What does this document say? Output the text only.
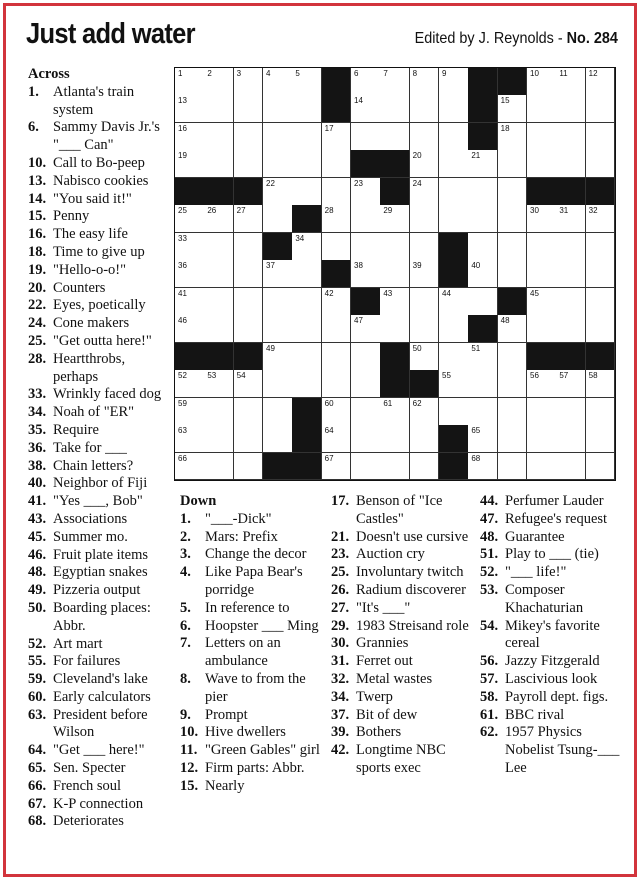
Just add water	Edited by J. Reynolds - No. 284
1	2	3	4	5	6	7	8	9	10	11	12
13	14	15
16	17	18
19	20	21
22	23	24
25	26	27	28	29	30	31	32
33	34
36	37	38	39	40
41	42	43	44	45
46	47	48
49	50	51
52	53	54	55	56	57	58
59	60	61	62
63	64	65
66	67	68
Across
1. Atlanta's train system
6. Sammy Davis Jr.'s "___ Can"
10. Call to Bo-peep
13. Nabisco cookies
14. "You said it!"
15. Penny
16. The easy life
18. Time to give up
19. "Hello-o-o!"
20. Counters
22. Eyes, poetically
24. Cone makers
25. "Get outta here!"
28. Heartthrobs, perhaps
33. Wrinkly faced dog
34. Noah of "ER"
35. Require
36. Take for ___
38. Chain letters?
40. Neighbor of Fiji
41. "Yes ___, Bob"
43. Associations
45. Summer mo.
46. Fruit plate items
48. Egyptian snakes
49. Pizzeria output
50. Boarding places: Abbr.
52. Art mart
55. For failures
59. Cleveland's lake
60. Early calculators
63. President before Wilson
64. "Get ___ here!"
65. Sen. Specter
66. French soul
67. K-P connection
68. Deteriorates
Down
1. "___-Dick"
2. Mars: Prefix
3. Change the decor
4. Like Papa Bear's porridge
5. In reference to
6. Hoopster ___ Ming
7. Letters on an ambulance
8. Wave to from the pier
9. Prompt
10. Hive dwellers
11. "Green Gables" girl
12. Firm parts: Abbr.
15. Nearly
17. Benson of "Ice Castles"
21. Doesn't use cursive
23. Auction cry
25. Involuntary twitch
26. Radium discoverer
27. "It's ___"
29. 1983 Streisand role
30. Grannies
31. Ferret out
32. Metal wastes
34. Twerp
37. Bit of dew
39. Bothers
42. Longtime NBC sports exec
44. Perfumer Lauder
47. Refugee's request
48. Guarantee
51. Play to ___ (tie)
52. "___ life!"
53. Composer Khachaturian
54. Mikey's favorite cereal
56. Jazzy Fitzgerald
57. Lascivious look
58. Payroll dept. figs.
61. BBC rival
62. 1957 Physics Nobelist Tsung-___ Lee
